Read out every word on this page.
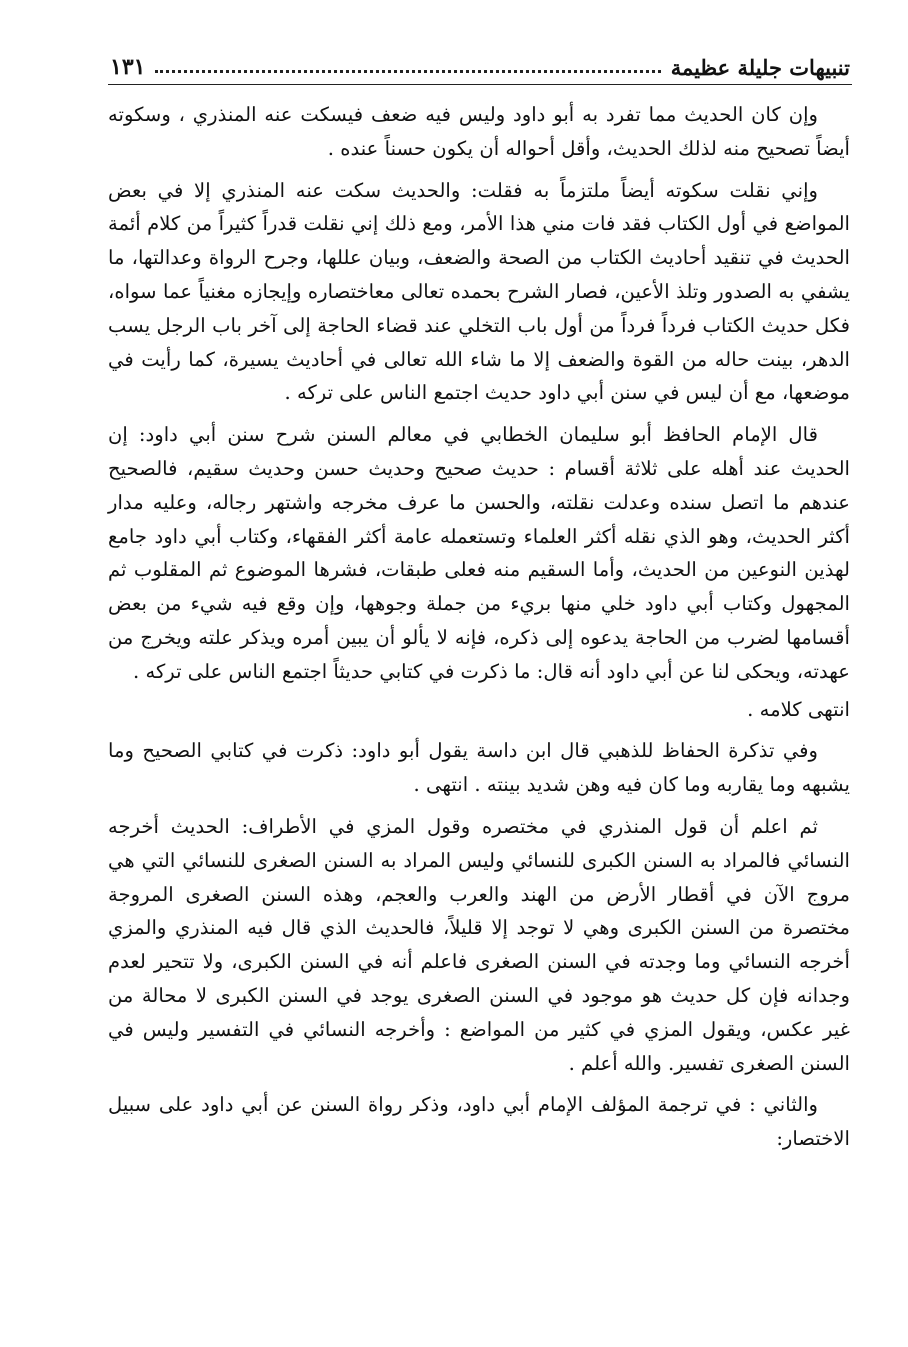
تنبيهات جليلة عظيمة
١٣١

وإن كان الحديث مما تفرد به أبو داود وليس فيه ضعف فيسكت عنه المنذري ، وسكوته أيضاً تصحيح منه لذلك الحديث، وأقل أحواله أن يكون حسناً عنده .

وإني نقلت سكوته أيضاً ملتزماً به فقلت: والحديث سكت عنه المنذري إلا في بعض المواضع في أول الكتاب فقد فات مني هذا الأمر، ومع ذلك إني نقلت قدراً كثيراً من كلام أئمة الحديث في تنقيد أحاديث الكتاب من الصحة والضعف، وبيان عللها، وجرح الرواة وعدالتها، ما يشفي به الصدور وتلذ الأعين، فصار الشرح بحمده تعالى معاختصاره وإيجازه مغنياً عما سواه، فكل حديث الكتاب فرداً فرداً من أول باب التخلي عند قضاء الحاجة إلى آخر باب الرجل يسب الدهر، بينت حاله من القوة والضعف إلا ما شاء الله تعالى في أحاديث يسيرة، كما رأيت في موضعها، مع أن ليس في سنن أبي داود حديث اجتمع الناس على تركه .

قال الإمام الحافظ أبو سليمان الخطابي في معالم السنن شرح سنن أبي داود: إن الحديث عند أهله على ثلاثة أقسام : حديث صحيح وحديث حسن وحديث سقيم، فالصحيح عندهم ما اتصل سنده وعدلت نقلته، والحسن ما عرف مخرجه واشتهر رجاله، وعليه مدار أكثر الحديث، وهو الذي نقله أكثر العلماء وتستعمله عامة أكثر الفقهاء، وكتاب أبي داود جامع لهذين النوعين من الحديث، وأما السقيم منه فعلى طبقات، فشرها الموضوع ثم المقلوب ثم المجهول وكتاب أبي داود خلي منها بريء من جملة وجوهها، وإن وقع فيه شيء من بعض أقسامها لضرب من الحاجة يدعوه إلى ذكره، فإنه لا يألو أن يبين أمره ويذكر علته ويخرج من عهدته، ويحكى لنا عن أبي داود أنه قال: ما ذكرت في كتابي حديثاً اجتمع الناس على تركه .

انتهى كلامه .

وفي تذكرة الحفاظ للذهبي قال ابن داسة يقول أبو داود: ذكرت في كتابي الصحيح وما يشبهه وما يقاربه وما كان فيه وهن شديد بينته . انتهى .

ثم اعلم أن قول المنذري في مختصره وقول المزي في الأطراف: الحديث أخرجه النسائي فالمراد به السنن الكبرى للنسائي وليس المراد به السنن الصغرى للنسائي التي هي مروج الآن في أقطار الأرض من الهند والعرب والعجم، وهذه السنن الصغرى المروجة مختصرة من السنن الكبرى وهي لا توجد إلا قليلاً، فالحديث الذي قال فيه المنذري والمزي أخرجه النسائي وما وجدته في السنن الصغرى فاعلم أنه في السنن الكبرى، ولا تتحير لعدم وجدانه فإن كل حديث هو موجود في السنن الصغرى يوجد في السنن الكبرى لا محالة من غير عكس، ويقول المزي في كثير من المواضع : وأخرجه النسائي في التفسير وليس في السنن الصغرى تفسير. والله أعلم .

والثاني : في ترجمة المؤلف الإمام أبي داود، وذكر رواة السنن عن أبي داود على سبيل الاختصار:
